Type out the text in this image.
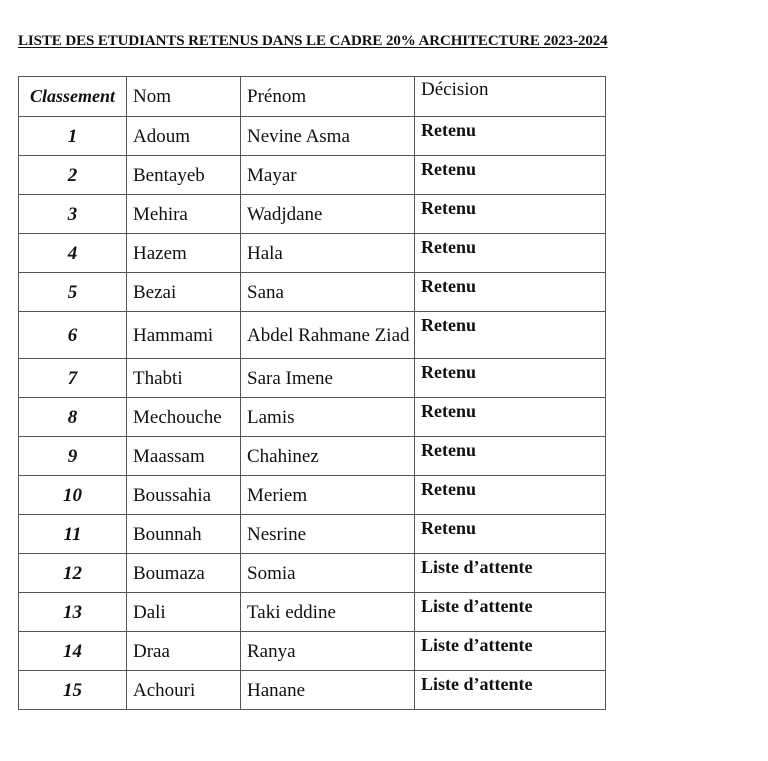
LISTE DES ETUDIANTS RETENUS DANS LE CADRE 20% ARCHITECTURE 2023-2024
Classement	Nom	Prénom	Décision
1	Adoum	Nevine Asma	Retenu
2	Bentayeb	Mayar	Retenu
3	Mehira	Wadjdane	Retenu
4	Hazem	Hala	Retenu
5	Bezai	Sana	Retenu
6	Hammami	Abdel Rahmane Ziad	Retenu
7	Thabti	Sara Imene	Retenu
8	Mechouche	Lamis	Retenu
9	Maassam	Chahinez	Retenu
10	Boussahia	Meriem	Retenu
11	Bounnah	Nesrine	Retenu
12	Boumaza	Somia	Liste d’attente
13	Dali	Taki eddine	Liste d’attente
14	Draa	Ranya	Liste d’attente
15	Achouri	Hanane	Liste d’attente
